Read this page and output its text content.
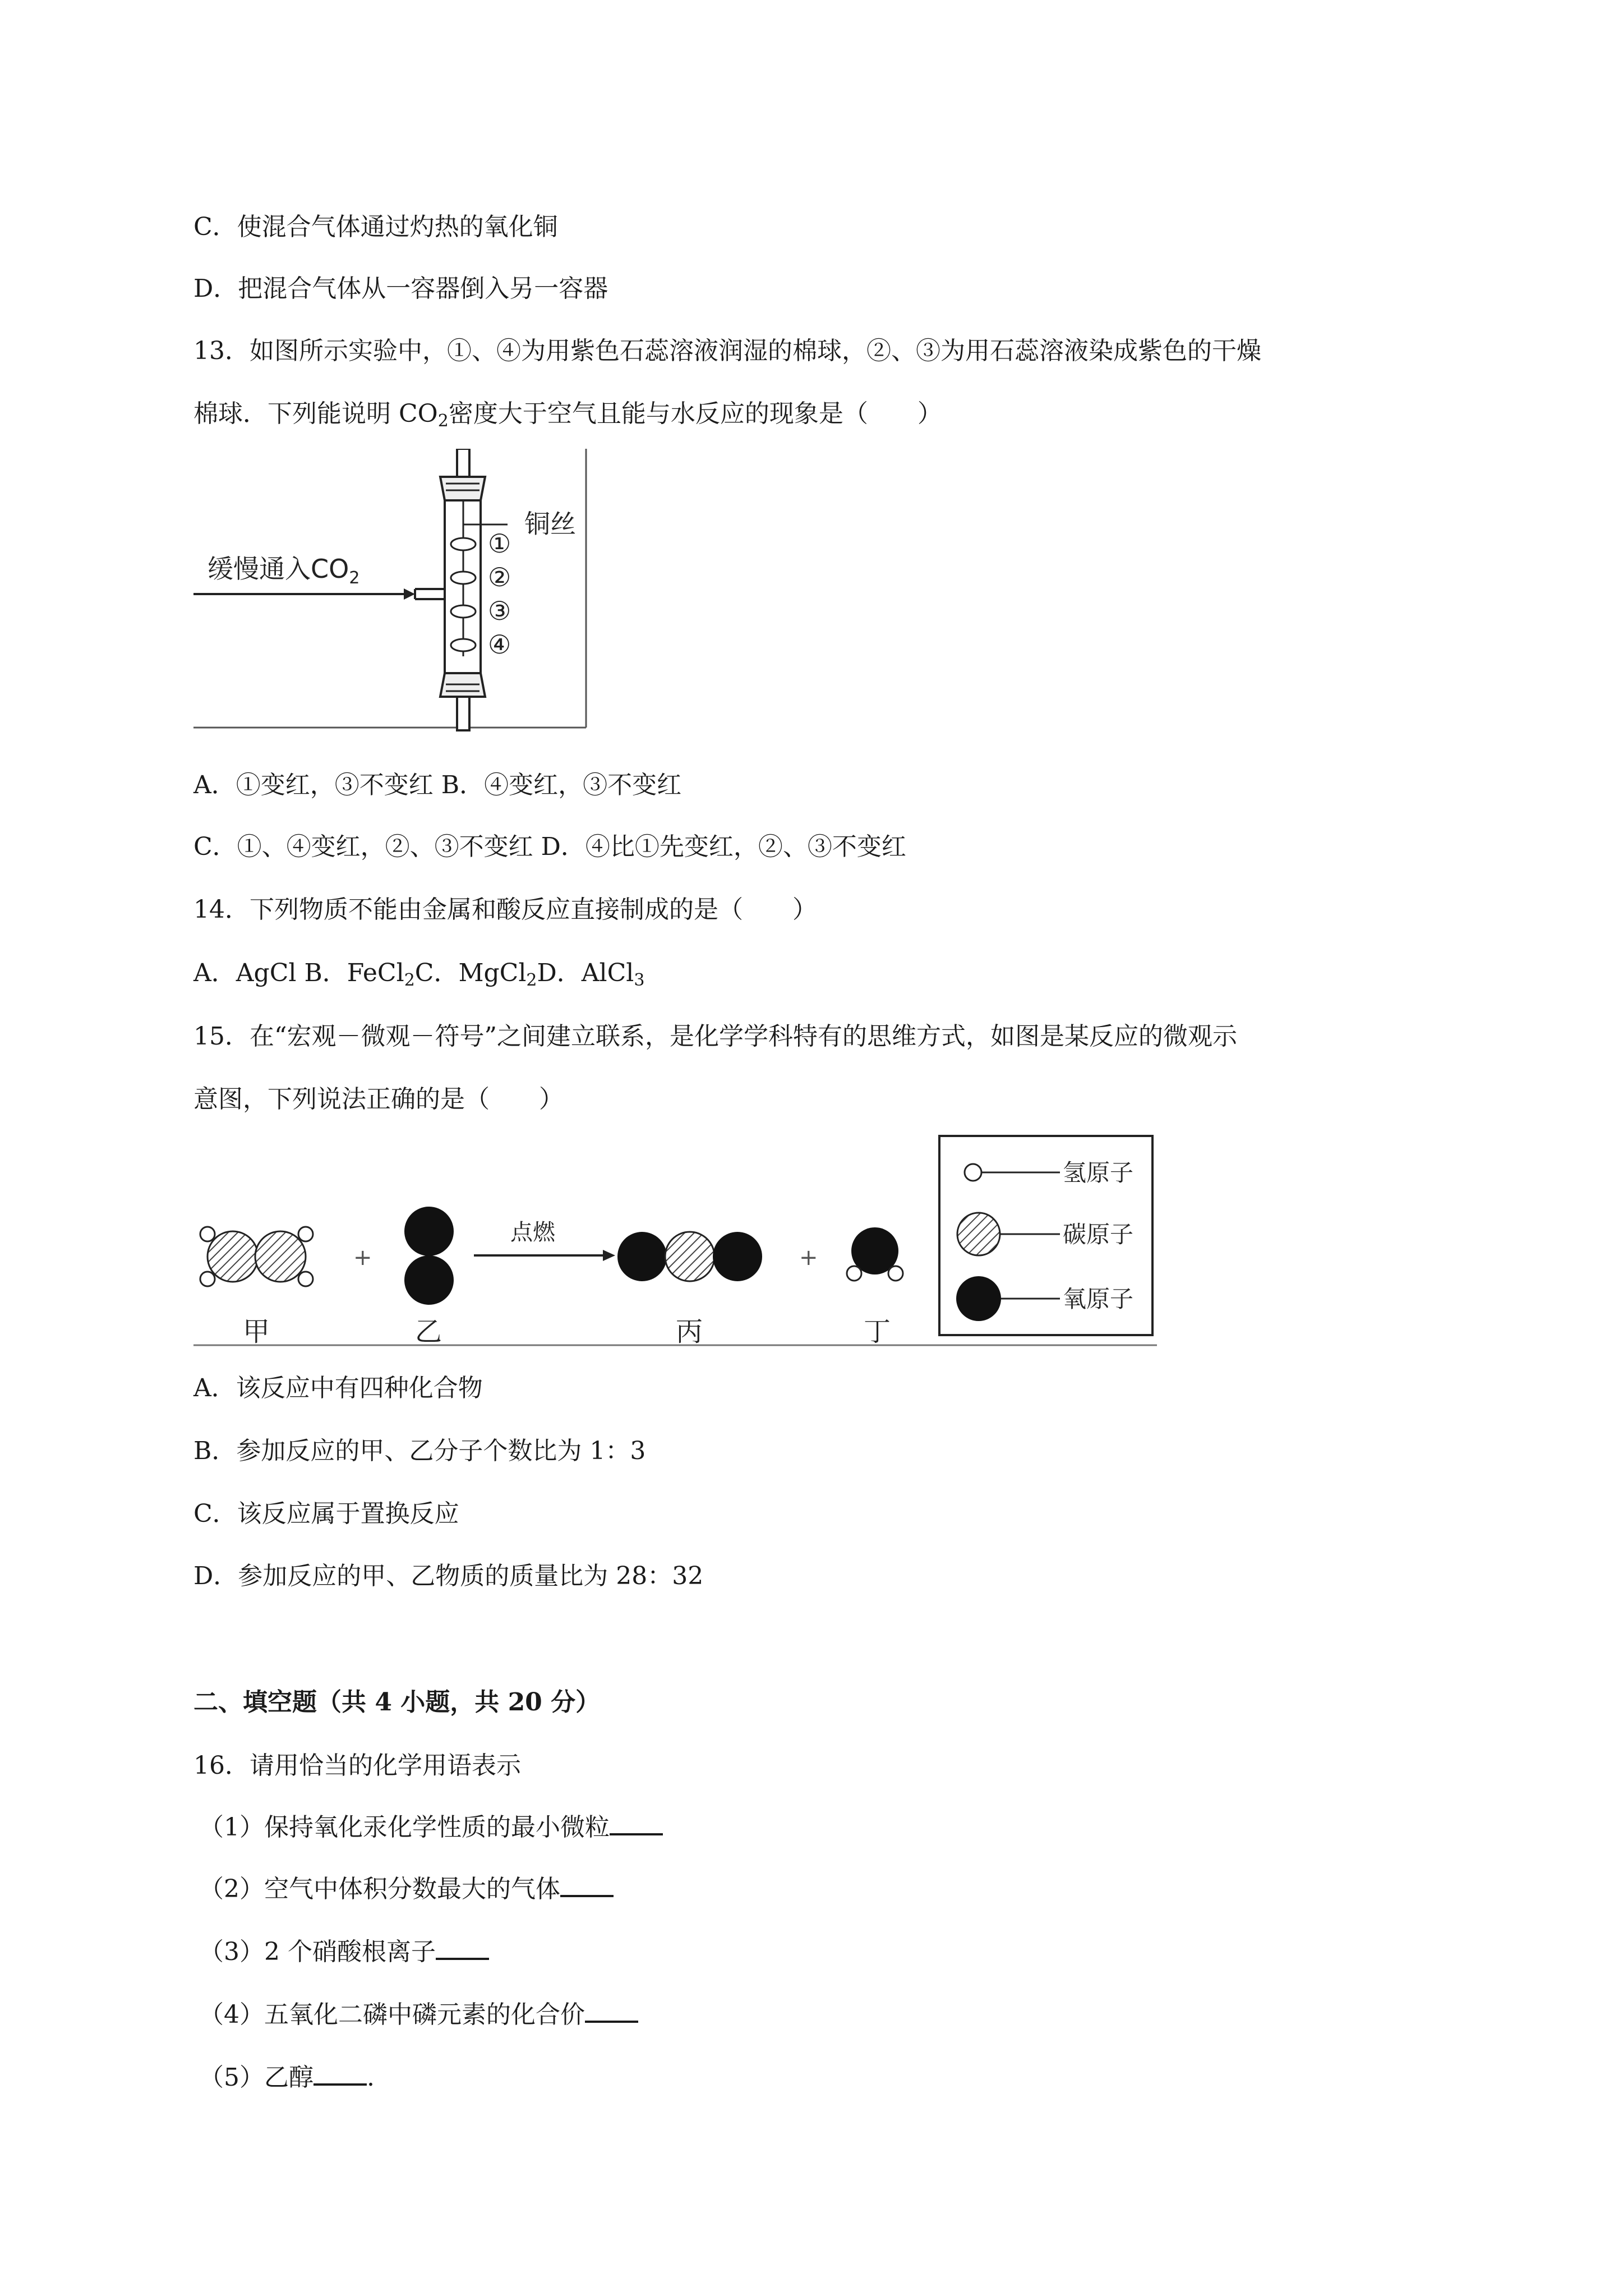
C．使混合气体通过灼热的氧化铜
D．把混合气体从一容器倒入另一容器
13．如图所示实验中，①、④为用紫色石蕊溶液润湿的棉球，②、③为用石蕊溶液染成紫色的干燥
棉球．下列能说明 $CO_2$密度大于空气且能与水反应的现象是（　　）
缓慢通入$CO_2$
铜丝
①
②
③
④
A．①变红，③不变红 B．④变红，③不变红
C．①、④变红，②、③不变红 D．④比①先变红，②、③不变红
14．下列物质不能由金属和酸反应直接制成的是（　　）
A．AgCl B．FeCl$_2$C．MgCl$_2$D．AlCl$_3$
15．在“宏观－微观－符号”之间建立联系，是化学学科特有的思维方式，如图是某反应的微观示
意图，下列说法正确的是（　　）
+
点燃
+
甲	乙	丙	丁
氢原子
碳原子
氧原子
A．该反应中有四种化合物
B．参加反应的甲、乙分子个数比为 1：3
C．该反应属于置换反应
D．参加反应的甲、乙物质的质量比为 28：32
二、填空题（共 4 小题，共 20 分）
16．请用恰当的化学用语表示
（1）保持氧化汞化学性质的最小微粒
（2）空气中体积分数最大的气体
（3）2 个硝酸根离子
（4）五氧化二磷中磷元素的化合价
（5）乙醇 .
